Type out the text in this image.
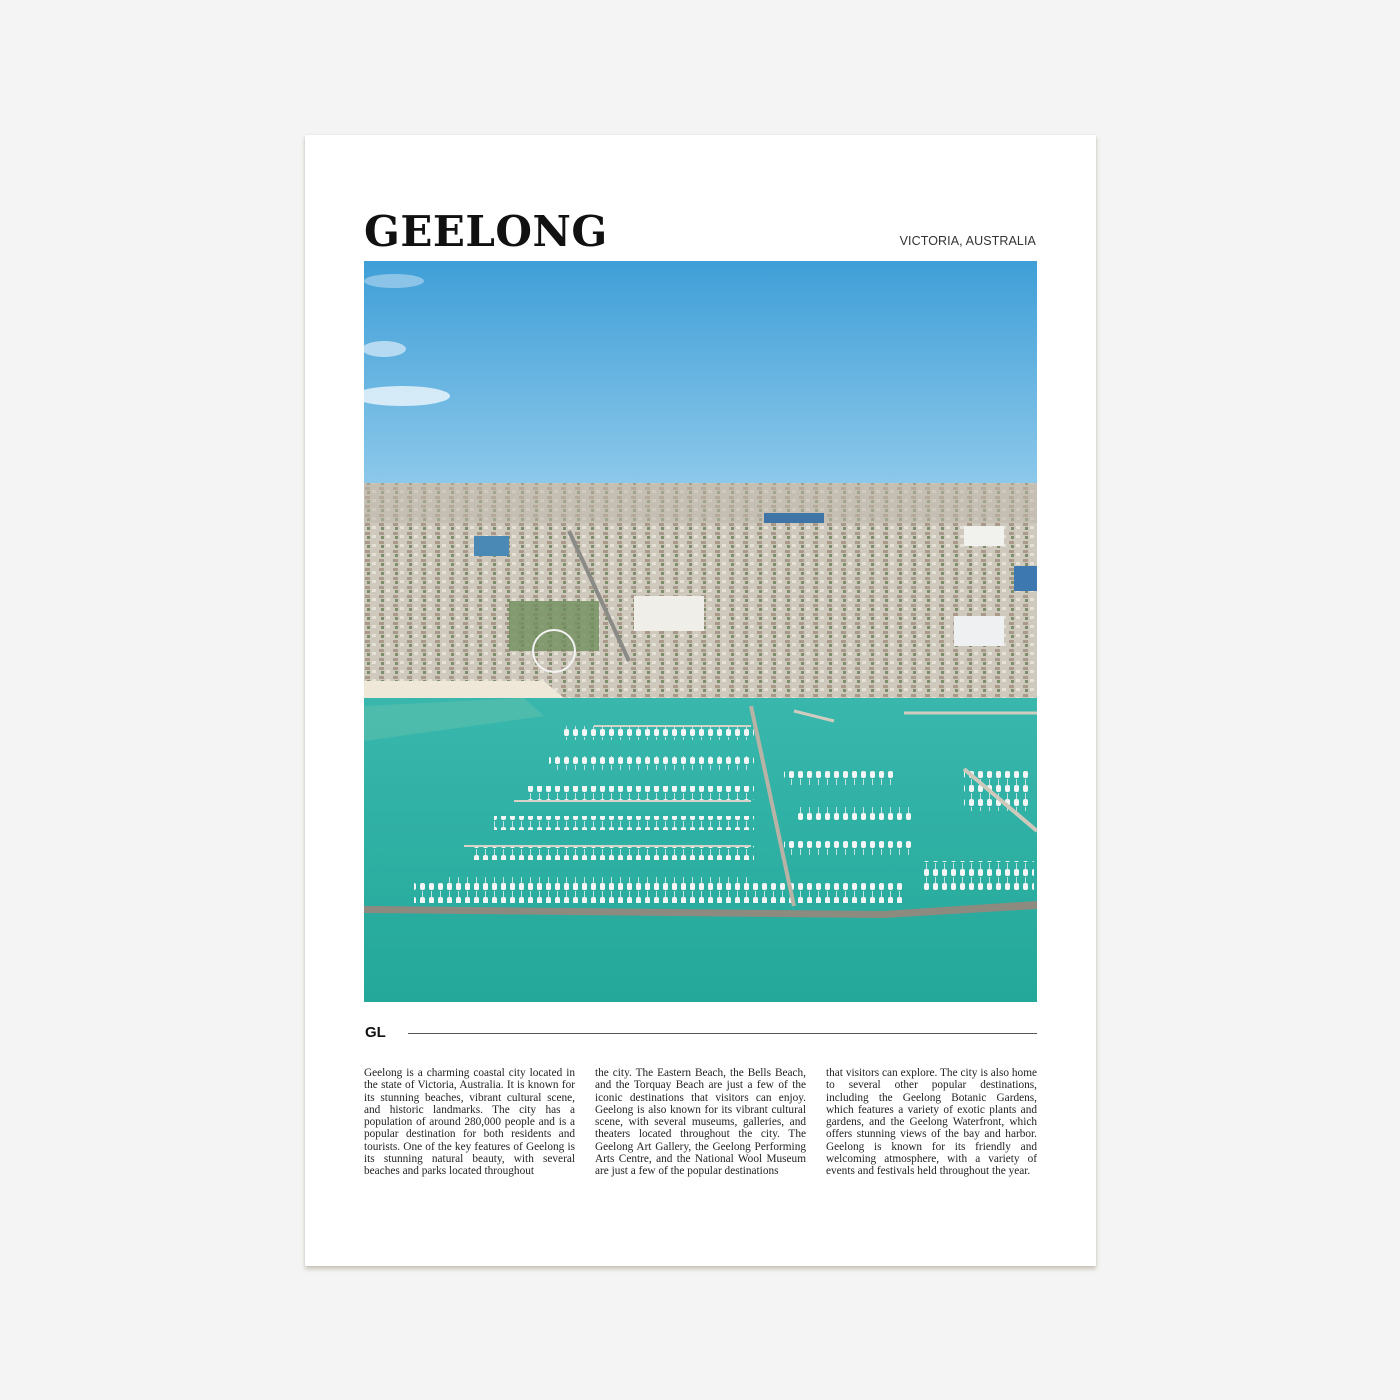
GEELONG	VICTORIA, AUSTRALIA
GL

Geelong is a charming coastal city located in the state of Victoria, Australia. It is known for its stunning beaches, vibrant cultural scene, and historic landmarks. The city has a population of around 280,000 people and is a popular destination for both residents and tourists. One of the key features of Geelong is its stunning natural beauty, with several beaches and parks located throughout

the city. The Eastern Beach, the Bells Beach, and the Torquay Beach are just a few of the iconic destinations that visitors can enjoy. Geelong is also known for its vibrant cultural scene, with several museums, galleries, and theaters located throughout the city. The Geelong Art Gallery, the Geelong Performing Arts Centre, and the National Wool Museum are just a few of the popular destinations

that visitors can explore. The city is also home to several other popular destinations, including the Geelong Botanic Gardens, which features a variety of exotic plants and gardens, and the Geelong Waterfront, which offers stunning views of the bay and harbor. Geelong is known for its friendly and welcoming atmosphere, with a variety of events and festivals held throughout the year.
